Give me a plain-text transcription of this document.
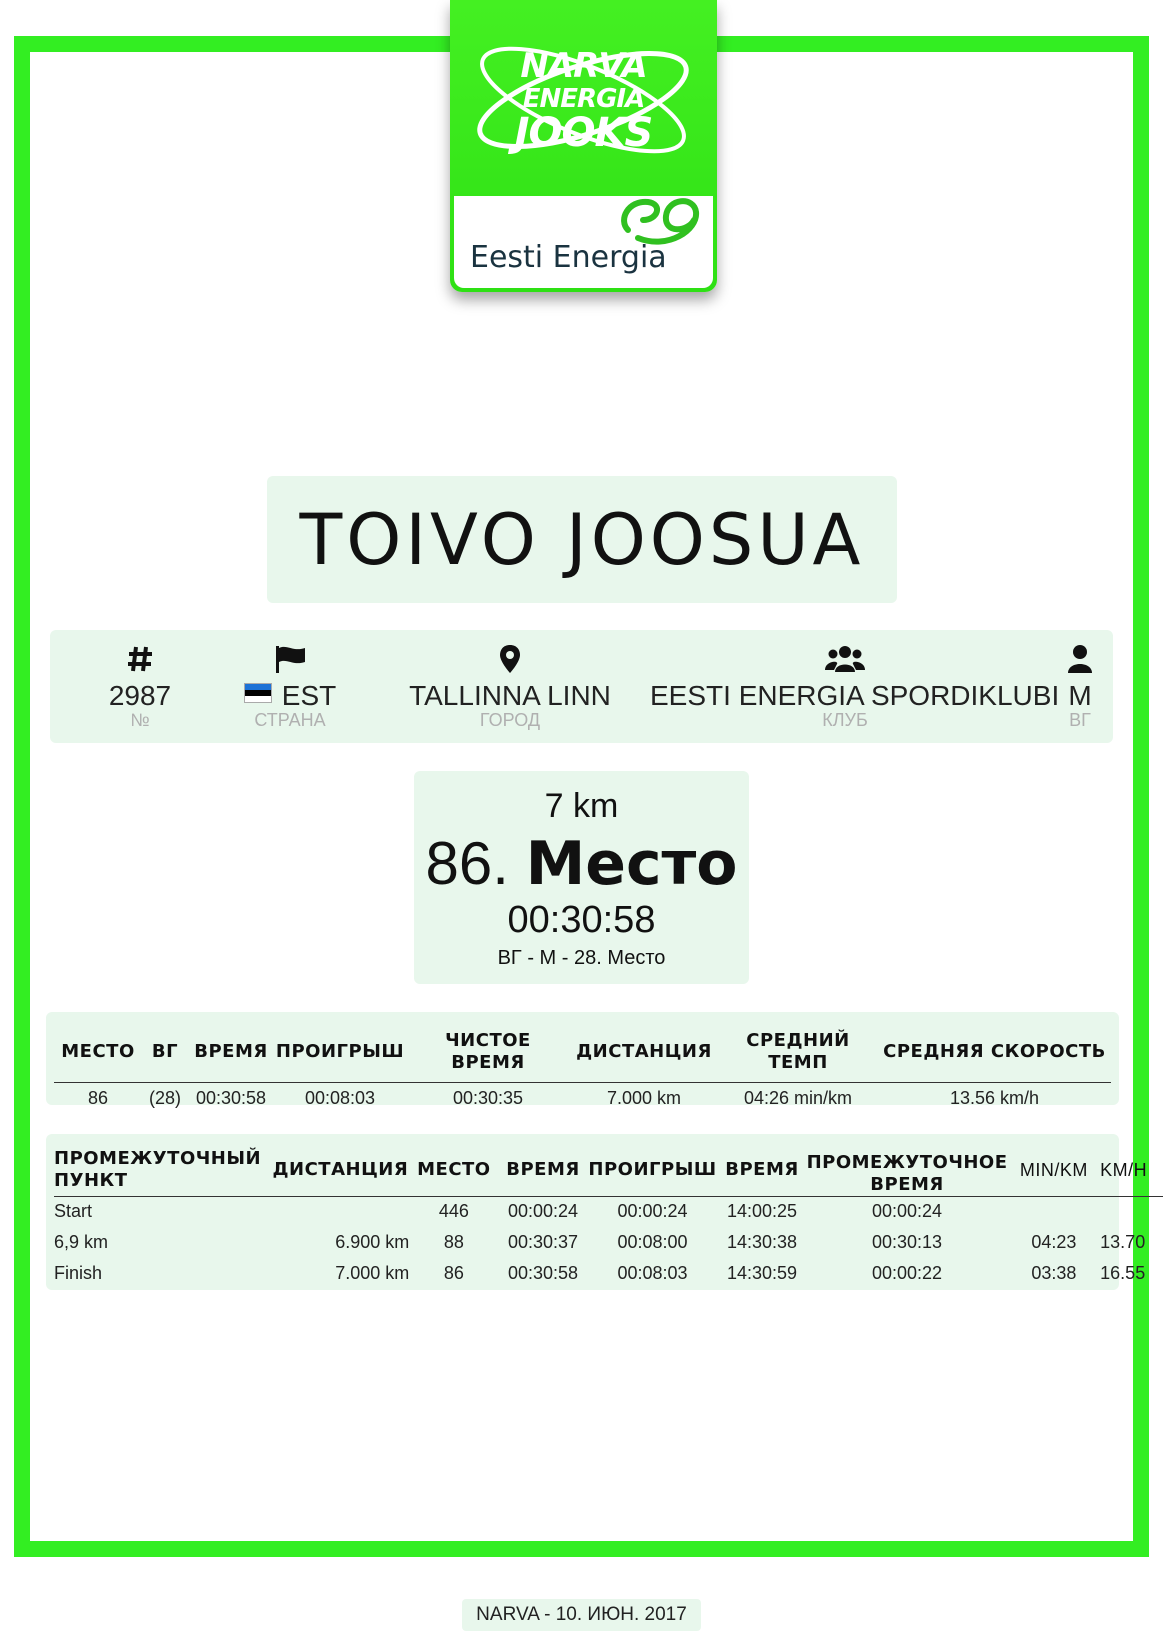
NARVA
ENERGIA
JOOKS
Eesti Energia
TOIVO JOOSUA
2987
№
EST
СТРАНА
TALLINNA LINN
ГОРОД
EESTI ENERGIA SPORDIKLUBI
КЛУБ
M
ВГ
7 km
86. Место
00:30:58
ВГ - M - 28. Место
МЕСТО	ВГ	ВРЕМЯ	ПРОИГРЫШ	ЧИСТОЕ ВРЕМЯ	ДИСТАНЦИЯ	СРЕДНИЙ ТЕМП	СРЕДНЯЯ СКОРОСТЬ
86	(28)	00:30:58	00:08:03	00:30:35	7.000 km	04:26 min/km	13.56 km/h
ПРОМЕЖУТОЧНЫЙ ПУНКТ	ДИСТАНЦИЯ	МЕСТО	ВРЕМЯ	ПРОИГРЫШ	ВРЕМЯ	ПРОМЕЖУТОЧНОЕ ВРЕМЯ	MIN/KM	KM/H
Start		446	00:00:24	00:00:24	14:00:25	00:00:24		
6,9 km	6.900 km	88	00:30:37	00:08:00	14:30:38	00:30:13	04:23	13.70
Finish	7.000 km	86	00:30:58	00:08:03	14:30:59	00:00:22	03:38	16.55
NARVA - 10. ИЮН. 2017
